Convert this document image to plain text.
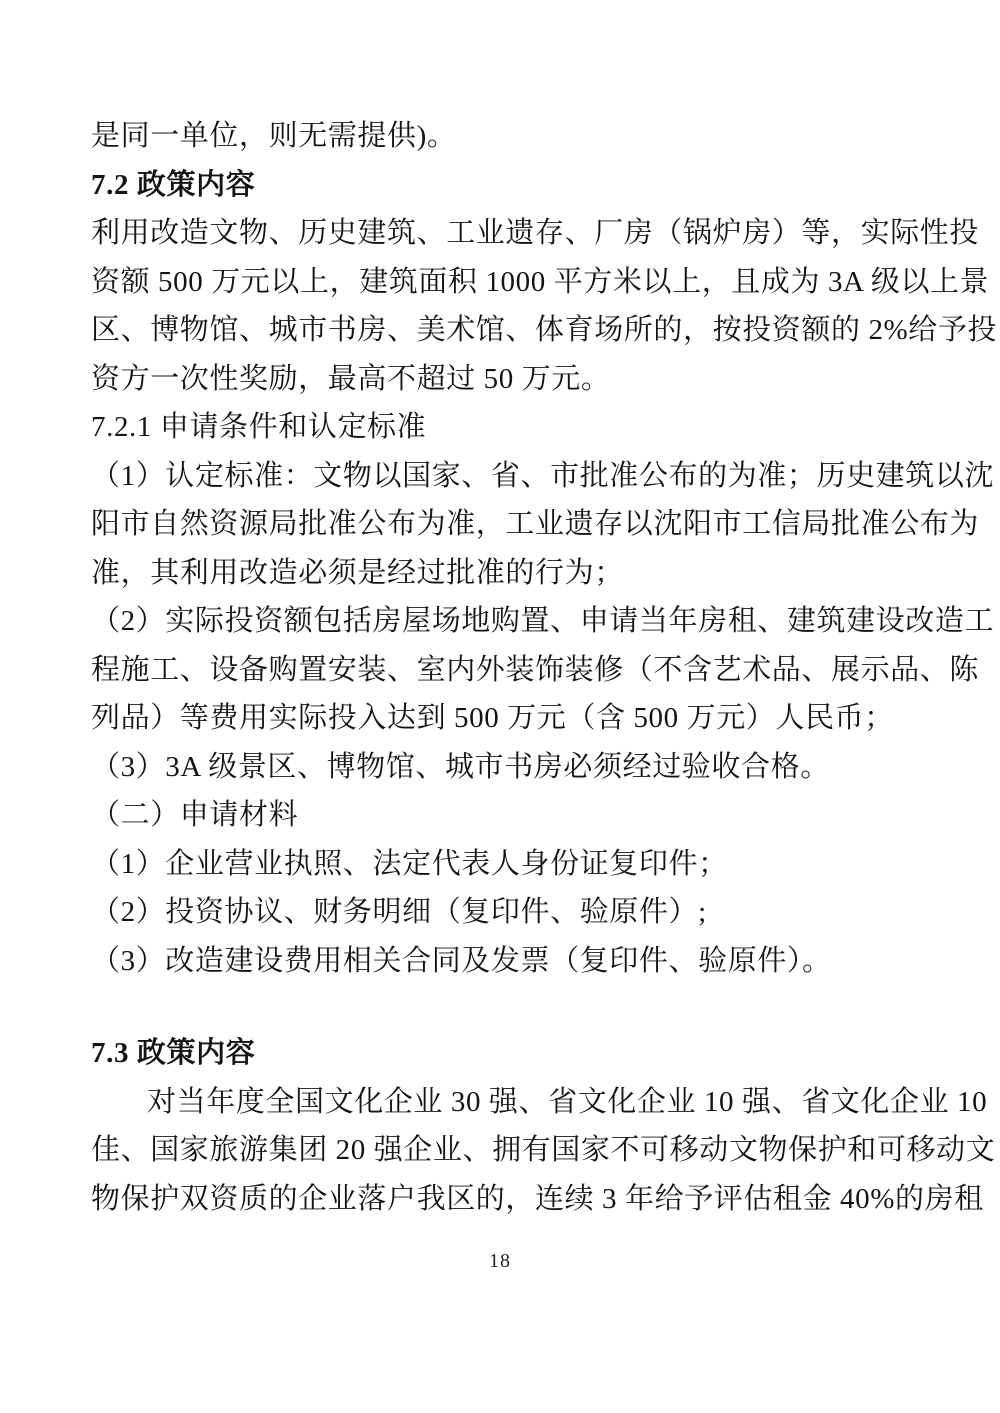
是同一单位，则无需提供)。
7.2 政策内容
利用改造文物、历史建筑、工业遗存、厂房（锅炉房）等，实际性投
资额 500 万元以上，建筑面积 1000 平方米以上，且成为 3A 级以上景
区、博物馆、城市书房、美术馆、体育场所的，按投资额的 2%给予投
资方一次性奖励，最高不超过 50 万元。
7.2.1 申请条件和认定标准
（1）认定标准：文物以国家、省、市批准公布的为准；历史建筑以沈
阳市自然资源局批准公布为准，工业遗存以沈阳市工信局批准公布为
准，其利用改造必须是经过批准的行为；
（2）实际投资额包括房屋场地购置、申请当年房租、建筑建设改造工
程施工、设备购置安装、室内外装饰装修（不含艺术品、展示品、陈
列品）等费用实际投入达到 500 万元（含 500 万元）人民币；
（3）3A 级景区、博物馆、城市书房必须经过验收合格。
（二）申请材料
（1）企业营业执照、法定代表人身份证复印件；
（2）投资协议、财务明细（复印件、验原件）;
（3）改造建设费用相关合同及发票（复印件、验原件）。
7.3 政策内容
对当年度全国文化企业 30 强、省文化企业 10 强、省文化企业 10
佳、国家旅游集团 20 强企业、拥有国家不可移动文物保护和可移动文
物保护双资质的企业落户我区的，连续 3 年给予评估租金 40%的房租
18
